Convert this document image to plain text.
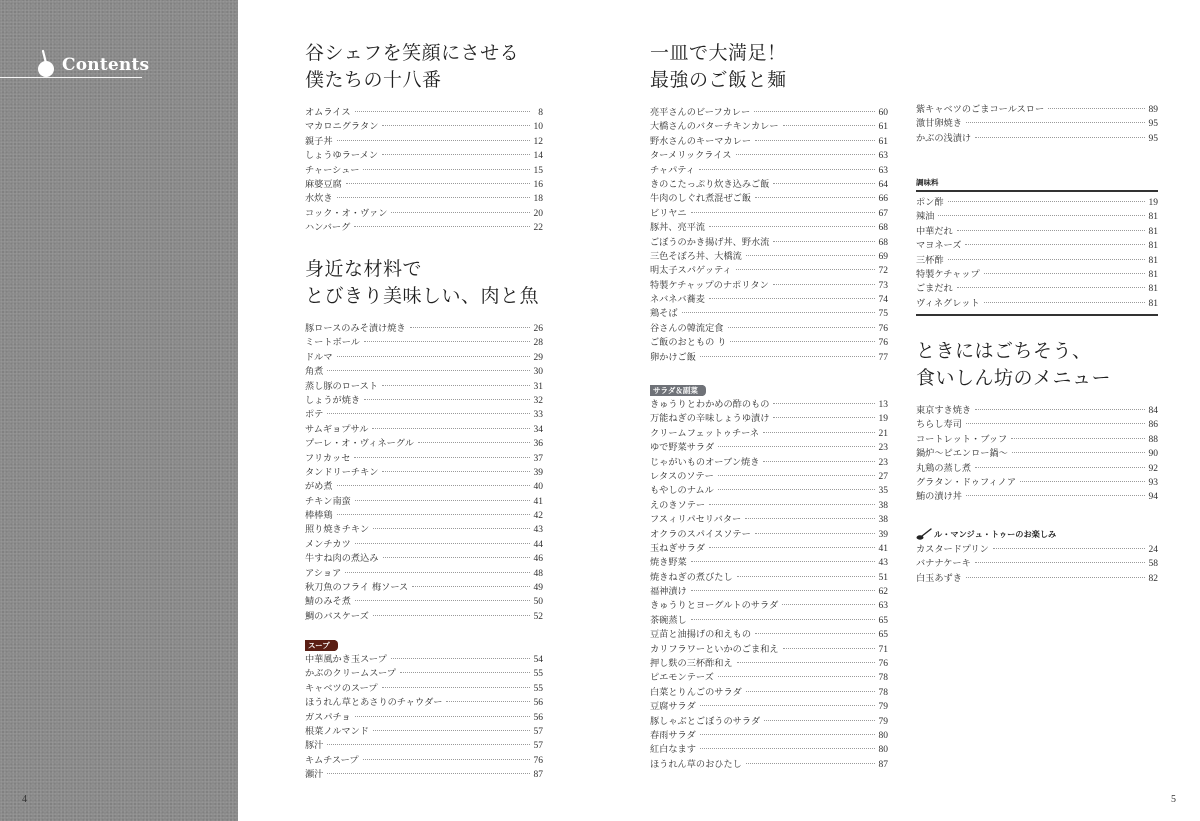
Contents
4
谷シェフを笑顔にさせる
僕たちの十八番
オムライス	8
マカロニグラタン	10
親子丼	12
しょうゆラーメン	14
チャーシュー	15
麻婆豆腐	16
水炊き	18
コック・オ・ヴァン	20
ハンバーグ	22
身近な材料で
とびきり美味しい、肉と魚
豚ロースのみそ漬け焼き	26
ミートボール	28
ドルマ	29
角煮	30
蒸し豚のロースト	31
しょうが焼き	32
ポテ	33
サムギョプサル	34
プーレ・オ・ヴィネーグル	36
フリカッセ	37
タンドリーチキン	39
がめ煮	40
チキン南蛮	41
棒棒鶏	42
照り焼きチキン	43
メンチカツ	44
牛すね肉の煮込み	46
アショア	48
秋刀魚のフライ 梅ソース	49
鯖のみそ煮	50
鯛のバスケーズ	52
スープ
中華風かき玉スープ	54
かぶのクリームスープ	55
キャベツのスープ	55
ほうれん草とあさりのチャウダー	56
ガスパチョ	56
根菜ノルマンド	57
豚汁	57
キムチスープ	76
瀬汁	87
一皿で大満足！
最強のご飯と麺
亮平さんのビーフカレー	60
大橋さんのバターチキンカレー	61
野水さんのキーマカレー	61
ターメリックライス	63
チャパティ	63
きのこたっぷり炊き込みご飯	64
牛肉のしぐれ煮混ぜご飯	66
ビリヤニ	67
豚丼、亮平流	68
ごぼうのかき揚げ丼、野水流	68
三色そぼろ丼、大橋流	69
明太子スパゲッティ	72
特製ケチャップのナポリタン	73
ネバネバ蕎麦	74
鶏そば	75
谷さんの韓流定食	76
ご飯のおともの り	76
卵かけご飯	77
サラダ＆副菜
きゅうりとわかめの酢のもの	13
万能ねぎの辛味しょうゆ漬け	19
クリームフェットゥチーネ	21
ゆで野菜サラダ	23
じゃがいものオーブン焼き	23
レタスのソテー	27
もやしのナムル	35
えのきソテー	38
フスィリパセリバター	38
オクラのスパイスソテー	39
玉ねぎサラダ	41
焼き野菜	43
焼きねぎの煮びたし	51
福神漬け	62
きゅうりとヨーグルトのサラダ	63
茶碗蒸し	65
豆苗と油揚げの和えもの	65
カリフラワーといかのごま和え	71
押し麩の三杯酢和え	76
ピエモンテーズ	78
白菜とりんごのサラダ	78
豆腐サラダ	79
豚しゃぶとごぼうのサラダ	79
春雨サラダ	80
紅白なます	80
ほうれん草のおひたし	87
紫キャベツのごまコールスロー	89
激甘卵焼き	95
かぶの浅漬け	95
調味料
ポン酢	19
辣油	81
中華だれ	81
マヨネーズ	81
三杯酢	81
特製ケチャップ	81
ごまだれ	81
ヴィネグレット	81
ときにはごちそう、
食いしん坊のメニュー
東京すき焼き	84
ちらし寿司	86
コートレット・ブッフ	88
鍋炉〜ピエンロー鍋〜	90
丸鶏の蒸し煮	92
グラタン・ドゥフィノア	93
鮪の漬け丼	94
ル・マンジュ・トゥーのお楽しみ
カスタードプリン	24
バナナケーキ	58
白玉あずき	82
5
